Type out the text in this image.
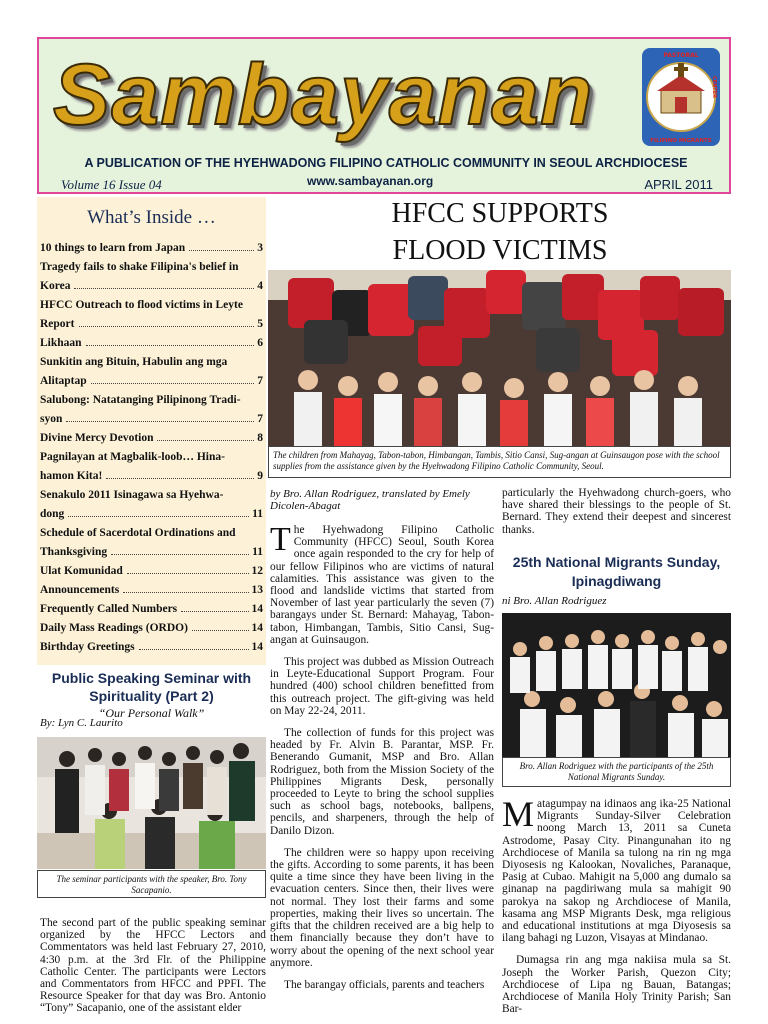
Sambayanan	PASTORAL
CENTER
FILIPINO MIGRANTS
A PUBLICATION OF THE HYEHWADONG FILIPINO CATHOLIC COMMUNITY IN SEOUL ARCHDIOCESE
Volume 16 Issue 04	www.sambayanan.org	APRIL 2011
What’s Inside …
10 things to learn from Japan	3
Tragedy fails to shake Filipina's belief in
Korea	4
HFCC Outreach to flood victims in Leyte
Report	5
Likhaan	6
Sunkitin ang Bituin, Habulin ang mga
Alitaptap	7
Salubong: Natatanging Pilipinong Tradi-
syon	7
Divine Mercy Devotion	8
Pagnilayan at Magbalik-loob… Hina-
hamon Kita!	9
Senakulo 2011 Isinagawa sa Hyehwa-
dong	11
Schedule of Sacerdotal Ordinations and
Thanksgiving	11
Ulat Komunidad	12
Announcements	13
Frequently Called Numbers	14
Daily Mass Readings (ORDO)	14
Birthday Greetings	14
Public Speaking Seminar with Spirituality (Part 2)
“Our Personal Walk”
By: Lyn C. Laurito
The seminar participants with the speaker, Bro. Tony Sacapanio.

The second part of the public speaking seminar organized by the HFCC Lectors and Commentators was held last February 27, 2010, 4:30 p.m. at the 3rd Flr. of the Philippine Catholic Center. The participants were Lectors and Commentators from HFCC and PPFI. The Resource Speaker for that day was Bro. Antonio “Tony” Sacapanio, one of the assistant elder

HFCC SUPPORTS
FLOOD VICTIMS
The children from Mahayag, Tabon-tabon, Himbangan, Tambis, Sitio Cansi, Sug-angan at Guinsaugon pose with the school supplies from the assistance given by the Hyehwadong Filipino Catholic Community, Seoul.
by Bro. Allan Rodriguez, translated by Emely Dicolen-Abagat

The Hyehwadong Filipino Catholic Community (HFCC) Seoul, South Korea once again responded to the cry for help of our fellow Filipinos who are victims of natural calamities. This assistance was given to the flood and landslide victims that started from November of last year particularly the seven (7) barangays under St. Bernard: Mahayag, Tabon-tabon, Himbangan, Tambis, Sitio Cansi, Sug-angan at Guinsaugon.

This project was dubbed as Mission Outreach in Leyte-Educational Support Program. Four hundred (400) school children benefitted from this outreach project. The gift-giving was held on May 22-24, 2011.

The collection of funds for this project was headed by Fr. Alvin B. Parantar, MSP. Fr. Benerando Gumanit, MSP and Bro. Allan Rodriguez, both from the Mission Society of the Philippines Migrants Desk, personally proceeded to Leyte to bring the school supplies such as school bags, notebooks, ballpens, pencils, and sharpeners, through the help of Danilo Dizon.

The children were so happy upon receiving the gifts. According to some parents, it has been quite a time since they have been living in the evacuation centers. Since then, their lives were not normal. They lost their farms and some properties, making their lives so uncertain. The gifts that the children received are a big help to them financially because they don’t have to worry about the opening of the next school year anymore.

The barangay officials, parents and teachers

particularly the Hyehwadong church-goers, who have shared their blessings to the people of St. Bernard. They extend their deepest and sincerest thanks.

25th National Migrants Sunday, Ipinagdiwang
ni Bro. Allan Rodriguez
Bro. Allan Rodriguez with the participants of the 25th National Migrants Sunday.

Matagumpay na idinaos ang ika-25 National Migrants Sunday-Silver Celebration noong March 13, 2011 sa Cuneta Astrodome, Pasay City. Pinangunahan ito ng Archdiocese of Manila sa tulong na rin ng mga Diyosesis ng Kalookan, Novaliches, Paranaque, Pasig at Cubao. Mahigit na 5,000 ang dumalo sa ginanap na pagdiriwang mula sa mahigit 90 parokya na sakop ng Archdiocese of Manila, kasama ang MSP Migrants Desk, mga religious and educational institutions at mga Diyosesis sa ilang bahagi ng Luzon, Visayas at Mindanao.

Dumagsa rin ang mga nakiisa mula sa St. Joseph the Worker Parish, Quezon City; Archdiocese of Lipa ng Bauan, Batangas; Archdiocese of Manila Holy Trinity Parish; San Bar-
